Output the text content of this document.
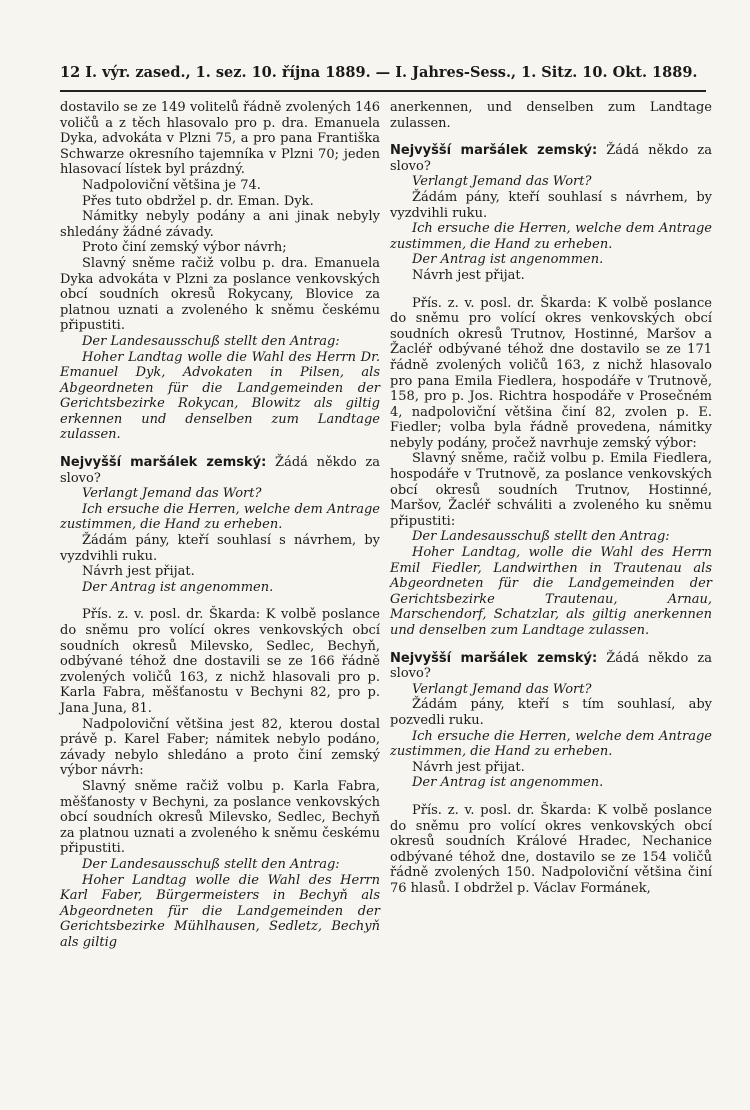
12 I. výr. zased., 1. sez. 10. října 1889. — I. Jahres-Sess., 1. Sitz. 10. Okt. 1889.

dostavilo se ze 149 volitelů řádně zvolených 146 voličů a z těch hlasovalo pro p. dra. Emanuela Dyka, advokáta v Plzni 75, a pro pana Františka Schwarze okresního tajemníka v Plzni 70; jeden hlasovací lístek byl prázdný.

Nadpoloviční většina je 74.

Přes tuto obdržel p. dr. Eman. Dyk.

Námitky nebyly podány a ani jinak nebyly shledány žádné závady.

Proto činí zemský výbor návrh;

Slavný sněme račiž volbu p. dra. Emanuela Dyka advokáta v Plzni za poslance venkovských obcí soudních okresů Rokycany, Blovice za platnou uznati a zvoleného k sněmu českému připustiti.

Der Landesausschuß stellt den Antrag:

Hoher Landtag wolle die Wahl des Herrn Dr. Emanuel Dyk, Advokaten in Pilsen, als Abgeordneten für die Landgemeinden der Gerichtsbezirke Rokycan, Blowitz als giltig erkennen und denselben zum Landtage zulassen.

Nejvyšší maršálek zemský: Žádá někdo za slovo?

Verlangt Jemand das Wort?

Ich ersuche die Herren, welche dem Antrage zustimmen, die Hand zu erheben.

Žádám pány, kteří souhlasí s návrhem, by vyzdvihli ruku.

Návrh jest přijat.

Der Antrag ist angenommen.

Přís. z. v. posl. dr. Škarda: K volbě poslance do sněmu pro volící okres venkovských obcí soudních okresů Milevsko, Sedlec, Bechyň, odbývané téhož dne dostavili se ze 166 řádně zvolených voličů 163, z nichž hlasovali pro p. Karla Fabra, měšťanostu v Bechyni 82, pro p. Jana Juna, 81.

Nadpoloviční většina jest 82, kterou dostal právě p. Karel Faber; námitek nebylo podáno, závady nebylo shledáno a proto činí zemský výbor návrh:

Slavný sněme račiž volbu p. Karla Fabra, měšťanosty v Bechyni, za poslance venkovských obcí soudních okresů Milevsko, Sedlec, Bechyň za platnou uznati a zvoleného k sněmu českému připustiti.

Der Landesausschuß stellt den Antrag:

Hoher Landtag wolle die Wahl des Herrn Karl Faber, Bürgermeisters in Bechyň als Abgeordneten für die Landgemeinden der Gerichtsbezirke Mühlhausen, Sedletz, Bechyň als giltig

anerkennen, und denselben zum Landtage zulassen.

Nejvyšší maršálek zemský: Žádá někdo za slovo?

Verlangt Jemand das Wort?

Žádám pány, kteří souhlasí s návrhem, by vyzdvihli ruku.

Ich ersuche die Herren, welche dem Antrage zustimmen, die Hand zu erheben.

Der Antrag ist angenommen.

Návrh jest přijat.

Přís. z. v. posl. dr. Škarda: K volbě poslance do sněmu pro volící okres venkovských obcí soudních okresů Trutnov, Hostinné, Maršov a Žacléř odbývané téhož dne dostavilo se ze 171 řádně zvolených voličů 163, z nichž hlasovalo pro pana Emila Fiedlera, hospodáře v Trutnově, 158, pro p. Jos. Richtra hospodáře v Prosečném 4, nadpoloviční většina činí 82, zvolen p. E. Fiedler; volba byla řádně provedena, námitky nebyly podány, pročež navrhuje zemský výbor:

Slavný sněme, račiž volbu p. Emila Fiedlera, hospodáře v Trutnově, za poslance venkovských obcí okresů soudních Trutnov, Hostinné, Maršov, Žacléř schváliti a zvoleného ku sněmu připustiti:

Der Landesausschuß stellt den Antrag:

Hoher Landtag, wolle die Wahl des Herrn Emil Fiedler, Landwirthen in Trautenau als Abgeordneten für die Landgemeinden der Gerichtsbezirke Trautenau, Arnau, Marschendorf, Schatzlar, als giltig anerkennen und denselben zum Landtage zulassen.

Nejvyšší maršálek zemský: Žádá někdo za slovo?

Verlangt Jemand das Wort?

Žádám pány, kteří s tím souhlasí, aby pozvedli ruku.

Ich ersuche die Herren, welche dem Antrage zustimmen, die Hand zu erheben.

Návrh jest přijat.

Der Antrag ist angenommen.

Přís. z. v. posl. dr. Škarda: K volbě poslance do sněmu pro volící okres venkovských obcí okresů soudních Králové Hradec, Nechanice odbývané téhož dne, dostavilo se ze 154 voličů řádně zvolených 150. Nadpoloviční většina činí 76 hlasů. I obdržel p. Václav Formánek,
